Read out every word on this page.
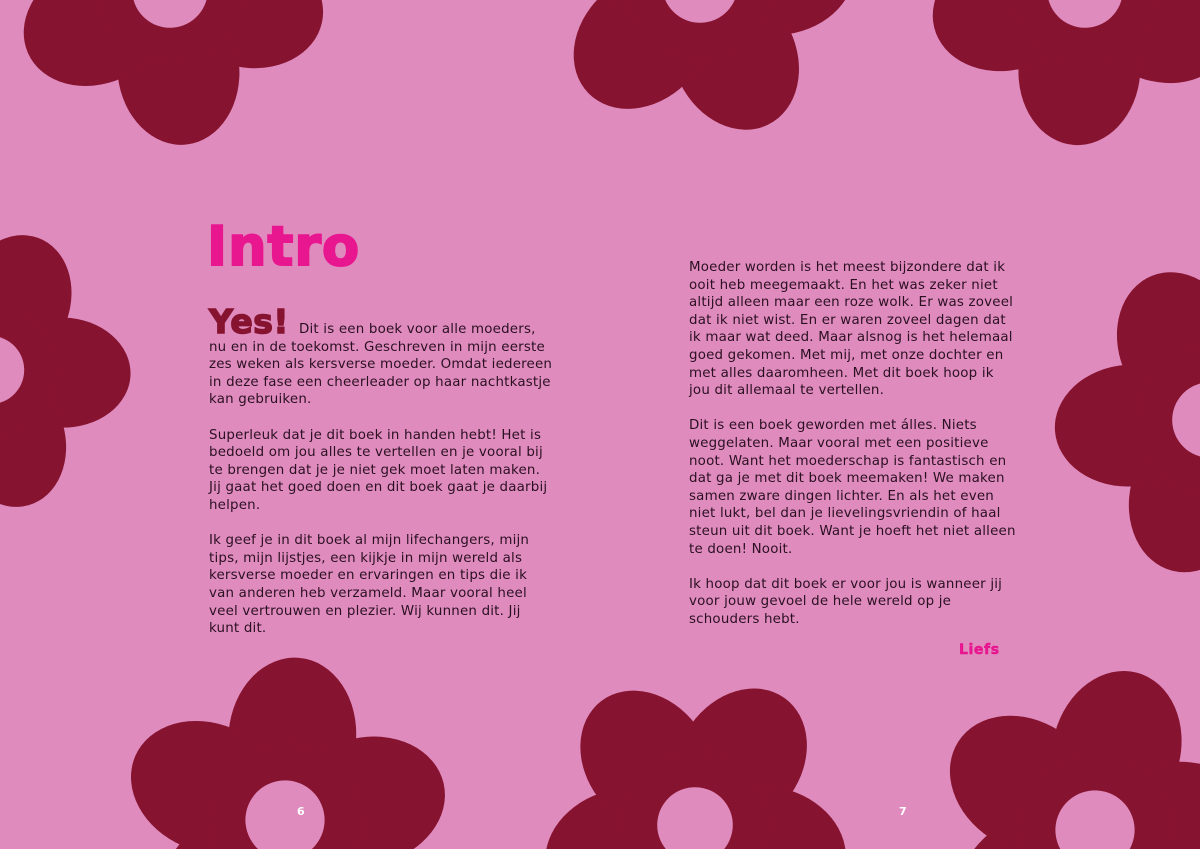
Intro

Yes! Dit is een boek voor alle moeders, nu en in de toekomst. Geschreven in mijn eerste zes weken als kersverse moeder. Omdat iedereen in deze fase een cheerleader op haar nachtkastje kan gebruiken.

Superleuk dat je dit boek in handen hebt! Het is bedoeld om jou alles te vertellen en je vooral bij te brengen dat je je niet gek moet laten maken. Jij gaat het goed doen en dit boek gaat je daarbij helpen.

Ik geef je in dit boek al mijn lifechangers, mijn tips, mijn lijstjes, een kijkje in mijn wereld als kersverse moeder en ervaringen en tips die ik van anderen heb verzameld. Maar vooral heel veel vertrouwen en plezier. Wij kunnen dit. Jij kunt dit.

Moeder worden is het meest bijzondere dat ik ooit heb meegemaakt. En het was zeker niet altijd alleen maar een roze wolk. Er was zoveel dat ik niet wist. En er waren zoveel dagen dat ik maar wat deed. Maar alsnog is het helemaal goed gekomen. Met mij, met onze dochter en met alles daaromheen. Met dit boek hoop ik jou dit allemaal te vertellen.

Dit is een boek geworden met álles. Niets weggelaten. Maar vooral met een positieve noot. Want het moederschap is fantastisch en dat ga je met dit boek meemaken! We maken samen zware dingen lichter. En als het even niet lukt, bel dan je lievelingsvriendin of haal steun uit dit boek. Want je hoeft het niet alleen te doen! Nooit.

Ik hoop dat dit boek er voor jou is wanneer jij voor jouw gevoel de hele wereld op je schouders hebt.

Liefs
6	7
